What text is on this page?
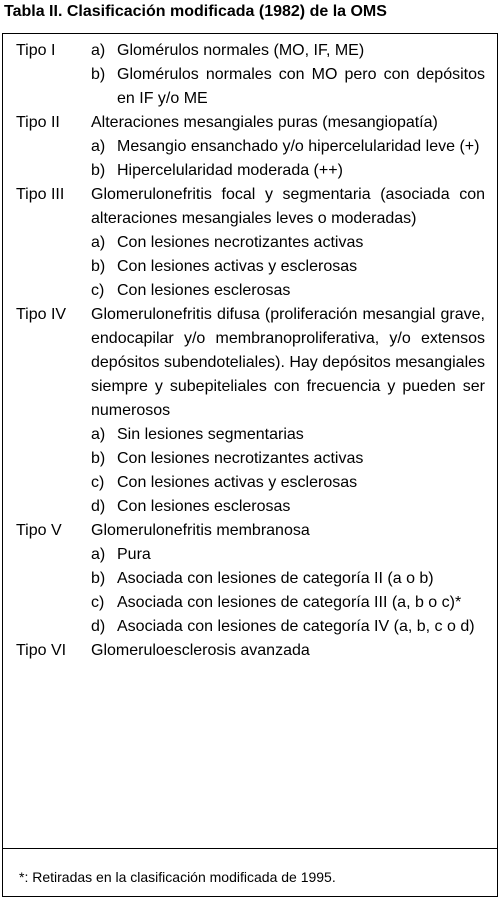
Tabla II. Clasificación modificada (1982) de la OMS
Tipo I a) Glomérulos normales (MO, IF, ME)
b) Glomérulos normales con MO pero con depósitos en IF y/o ME
Tipo II Alteraciones mesangiales puras (mesangiopatía)
a) Mesangio ensanchado y/o hipercelularidad leve (+)
b) Hipercelularidad moderada (++)
Tipo III Glomerulonefritis focal y segmentaria (asociada con alteraciones mesangiales leves o moderadas)
a) Con lesiones necrotizantes activas
b) Con lesiones activas y esclerosas
c) Con lesiones esclerosas
Tipo IV Glomerulonefritis difusa (proliferación mesangial grave, endocapilar y/o membranoproliferativa, y/o extensos depósitos subendoteliales). Hay depósitos mesangiales siempre y subepiteliales con frecuencia y pueden ser numerosos
a) Sin lesiones segmentarias
b) Con lesiones necrotizantes activas
c) Con lesiones activas y esclerosas
d) Con lesiones esclerosas
Tipo V Glomerulonefritis membranosa
a) Pura
b) Asociada con lesiones de categoría II (a o b)
c) Asociada con lesiones de categoría III (a, b o c)*
d) Asociada con lesiones de categoría IV (a, b, c o d)
Tipo VI Glomeruloesclerosis avanzada
*: Retiradas en la clasificación modificada de 1995.
